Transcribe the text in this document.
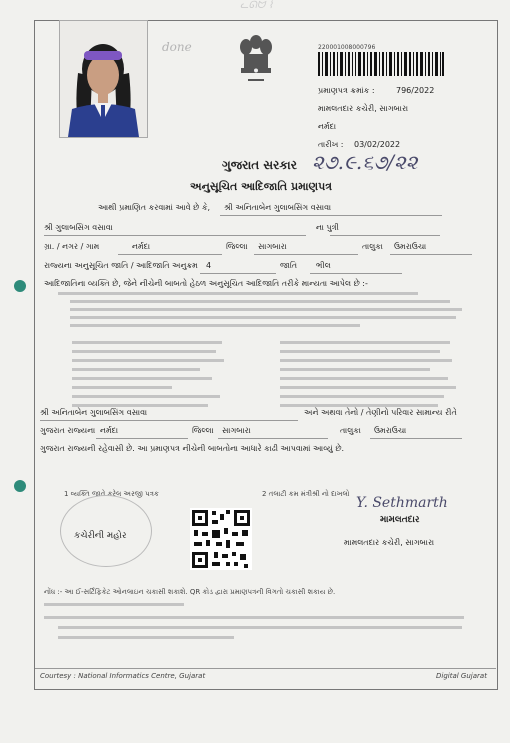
ᓚᘏᗢ ⌇
done	220001008000796
પ્રમાણપત્ર ક્રમાંક :	796/2022
મામલતદાર કચેરી, સાગબારા
નર્મદા
તારીખ : 03/02/2022
ગુજરાત સરકાર ૨૭.૯.૬૭/૨૨
અનુસૂચિત આદિજાતિ પ્રમાણપત્ર
આથી પ્રમાણિત કરવામાં આવે છે કે, શ્રી અનિતાબેન ગુલાબસિંગ વસાવા
શ્રી ગુલાબસિંગ વસાવા	ના પુત્રી
ગ્રા. / નગર / ગામ	નર્મદા	જિલ્લા સાગબારા	તાલુકા ઉમરાઉચા
રાજ્યના અનુસૂચિત જાતિ / આદિજાતિ અનુક્રમ 4	જાતિ ભીલ
આદિજાતિના વ્યક્તિ છે, જેને નીચેની બાબતો હેઠળ અનુસૂચિત આદિજાતિ તરીકે માન્યતા આપેલ છે :-
શ્રી અનિતાબેન ગુલાબસિંગ વસાવા	અને અથવા તેનો / તેણીનો પરિવાર સામાન્ય રીતે
ગુજરાત રાજ્યના નર્મદા	જિલ્લા સાગબારા	તાલુકા ઉમરાઉચા
ગુજરાત રાજ્યની રહેવાસી છે. આ પ્રમાણપત્ર નીચેની બાબતોના આધારે કાઢી આપવામાં આવ્યું છે.
1 વ્યક્તિ જાતે કરેલ અરજી પત્રક	2 તલાટી કમ મંત્રીશ્રી નો દાખલો
કચેરીની મહોર
Y. Sethmarth
મામલતદાર
મામલતદાર કચેરી, સાગબારા
નોંધ :- આ ઈ-સર્ટિફિકેટ ઓનલાઇન ચકાસી શકાશે. QR કોડ દ્વારા પ્રમાણપત્રની વિગતો ચકાસી શકાય છે.
Courtesy : National Informatics Centre, Gujarat	Digital Gujarat
